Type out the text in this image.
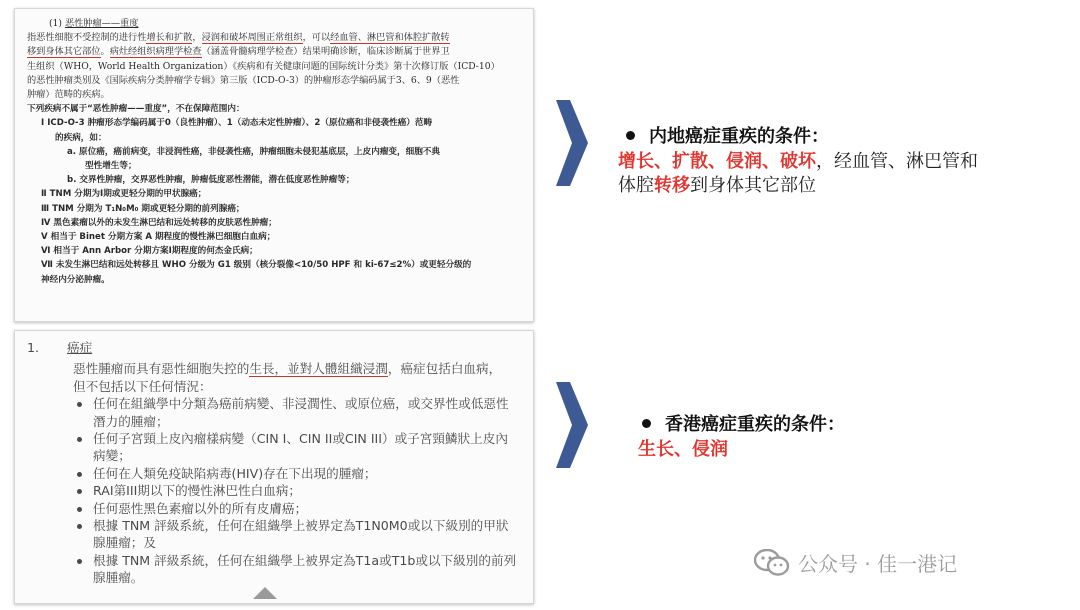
(1) 恶性肿瘤——重度
指恶性细胞不受控制的进行性增长和扩散，浸润和破坏周围正常组织，可以经血管、淋巴管和体腔扩散转
移到身体其它部位。病灶经组织病理学检查（涵盖骨髓病理学检查）结果明确诊断，临床诊断属于世界卫
生组织（WHO，World Health Organization）《疾病和有关健康问题的国际统计分类》第十次修订版（ICD-10）
的恶性肿瘤类别及《国际疾病分类肿瘤学专辑》第三版（ICD-O-3）的肿瘤形态学编码属于3、6、9（恶性
肿瘤）范畴的疾病。
下列疾病不属于“恶性肿瘤——重度”，不在保障范围内：
Ⅰ ICD-O-3 肿瘤形态学编码属于0（良性肿瘤）、1（动态未定性肿瘤）、2（原位癌和非侵袭性癌）范畴
的疾病，如：
a. 原位癌，癌前病变，非浸润性癌，非侵袭性癌，肿瘤细胞未侵犯基底层，上皮内瘤变，细胞不典
型性增生等；
b. 交界性肿瘤，交界恶性肿瘤，肿瘤低度恶性潜能，潜在低度恶性肿瘤等；
Ⅱ TNM 分期为Ⅰ期或更轻分期的甲状腺癌；
Ⅲ TNM 分期为 T₁N₀M₀ 期或更轻分期的前列腺癌；
Ⅳ 黑色素瘤以外的未发生淋巴结和远处转移的皮肤恶性肿瘤；
Ⅴ 相当于 Binet 分期方案 A 期程度的慢性淋巴细胞白血病；
Ⅵ 相当于 Ann Arbor 分期方案Ⅰ期程度的何杰金氏病；
Ⅶ 未发生淋巴结和远处转移且 WHO 分级为 G1 级别（核分裂像<10/50 HPF 和 ki-67≤2%）或更轻分级的
神经内分泌肿瘤。
1. 癌症
惡性腫瘤而具有惡性細胞失控的生長，並對人體組織浸潤，癌症包括白血病，
但不包括以下任何情況：
任何在組織學中分類為癌前病變、非浸潤性、或原位癌，或交界性或低惡性
潛力的腫瘤；
任何子宮頸上皮內瘤樣病變（CIN I、CIN II或CIN III）或子宮頸鱗狀上皮內
病變；
任何在人類免疫缺陷病毒(HIV)存在下出現的腫瘤；
RAI第III期以下的慢性淋巴性白血病；
任何惡性黑色素瘤以外的所有皮膚癌；
根據 TNM 評級系統，任何在組織學上被界定為T1N0M0或以下級別的甲狀
腺腫瘤；及
根據 TNM 評級系統，任何在組織學上被界定為T1a或T1b或以下級別的前列
腺腫瘤。
内地癌症重疾的条件：
增长、扩散、侵润、破坏，经血管、淋巴管和
体腔转移到身体其它部位
香港癌症重疾的条件：
生长、侵润
公众号 · 佳一港记
